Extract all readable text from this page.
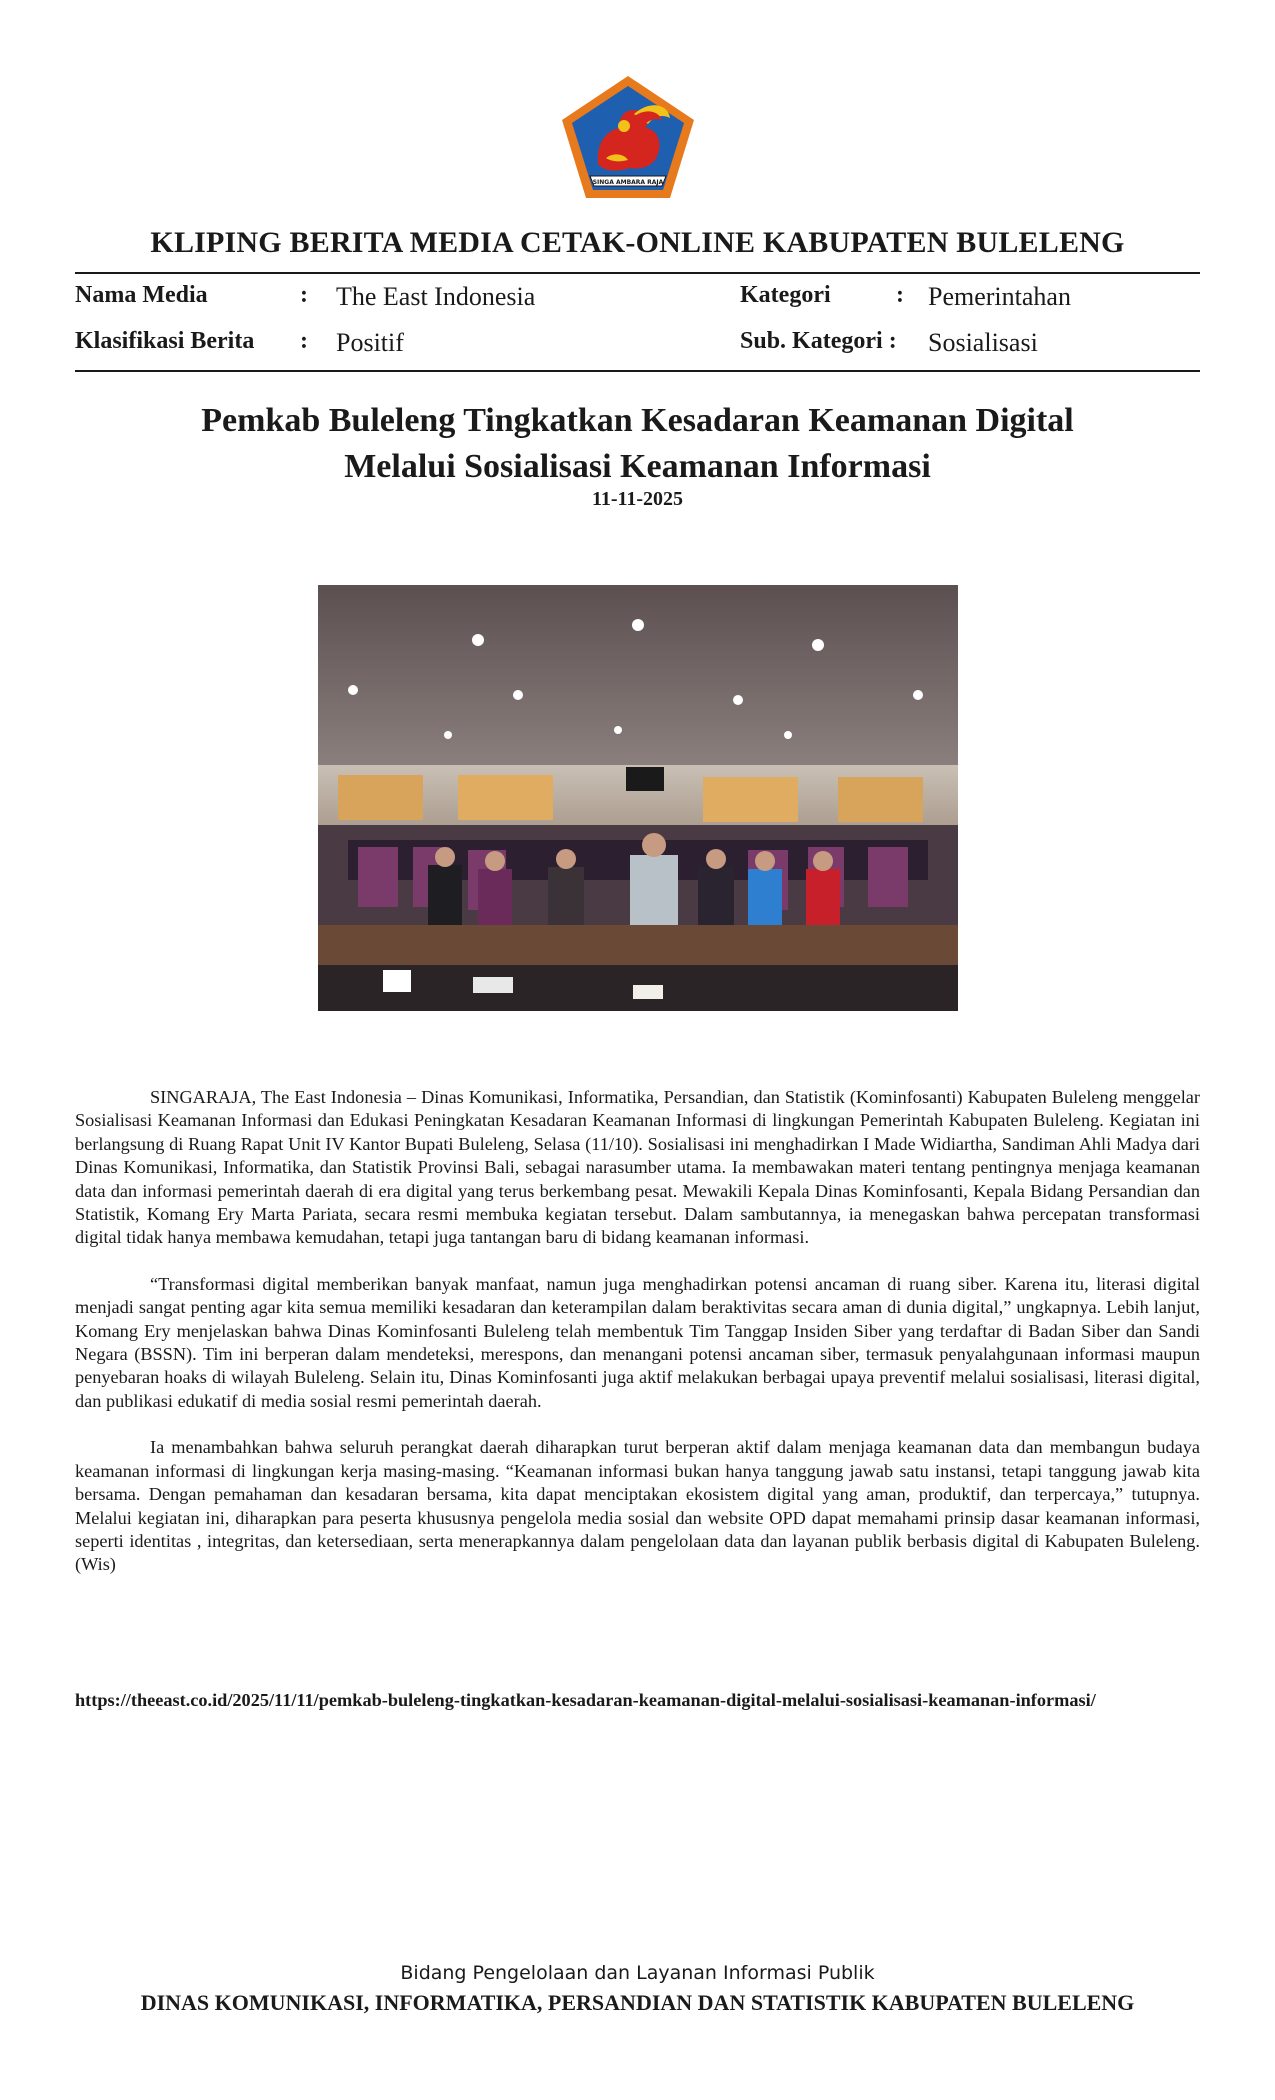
SINGA AMBARA RAJA
KLIPING BERITA MEDIA CETAK-ONLINE KABUPATEN BULELENG
Nama Media	: The East Indonesia	Kategori	: Pemerintahan
Klasifikasi Berita : Positif	Sub. Kategori : Sosialisasi
Pemkab Buleleng Tingkatkan Kesadaran Keamanan Digital
Melalui Sosialisasi Keamanan Informasi
11-11-2025

SINGARAJA, The East Indonesia – Dinas Komunikasi, Informatika, Persandian, dan Statistik (Kominfosanti) Kabupaten Buleleng menggelar Sosialisasi Keamanan Informasi dan Edukasi Peningkatan Kesadaran Keamanan Informasi di lingkungan Pemerintah Kabupaten Buleleng. Kegiatan ini berlangsung di Ruang Rapat Unit IV Kantor Bupati Buleleng, Selasa (11/10). Sosialisasi ini menghadirkan I Made Widiartha, Sandiman Ahli Madya dari Dinas Komunikasi, Informatika, dan Statistik Provinsi Bali, sebagai narasumber utama. Ia membawakan materi tentang pentingnya menjaga keamanan data dan informasi pemerintah daerah di era digital yang terus berkembang pesat. Mewakili Kepala Dinas Kominfosanti, Kepala Bidang Persandian dan Statistik, Komang Ery Marta Pariata, secara resmi membuka kegiatan tersebut. Dalam sambutannya, ia menegaskan bahwa percepatan transformasi digital tidak hanya membawa kemudahan, tetapi juga tantangan baru di bidang keamanan informasi.

“Transformasi digital memberikan banyak manfaat, namun juga menghadirkan potensi ancaman di ruang siber. Karena itu, literasi digital menjadi sangat penting agar kita semua memiliki kesadaran dan keterampilan dalam beraktivitas secara aman di dunia digital,” ungkapnya. Lebih lanjut, Komang Ery menjelaskan bahwa Dinas Kominfosanti Buleleng telah membentuk Tim Tanggap Insiden Siber yang terdaftar di Badan Siber dan Sandi Negara (BSSN). Tim ini berperan dalam mendeteksi, merespons, dan menangani potensi ancaman siber, termasuk penyalahgunaan informasi maupun penyebaran hoaks di wilayah Buleleng. Selain itu, Dinas Kominfosanti juga aktif melakukan berbagai upaya preventif melalui sosialisasi, literasi digital, dan publikasi edukatif di media sosial resmi pemerintah daerah.

Ia menambahkan bahwa seluruh perangkat daerah diharapkan turut berperan aktif dalam menjaga keamanan data dan membangun budaya keamanan informasi di lingkungan kerja masing-masing. “Keamanan informasi bukan hanya tanggung jawab satu instansi, tetapi tanggung jawab kita bersama. Dengan pemahaman dan kesadaran bersama, kita dapat menciptakan ekosistem digital yang aman, produktif, dan terpercaya,” tutupnya. Melalui kegiatan ini, diharapkan para peserta khususnya pengelola media sosial dan website OPD dapat memahami prinsip dasar keamanan informasi, seperti identitas , integritas, dan ketersediaan, serta menerapkannya dalam pengelolaan data dan layanan publik berbasis digital di Kabupaten Buleleng.(Wis)

https://theeast.co.id/2025/11/11/pemkab-buleleng-tingkatkan-kesadaran-keamanan-digital-melalui-sosialisasi-keamanan-informasi/
Bidang Pengelolaan dan Layanan Informasi Publik
DINAS KOMUNIKASI, INFORMATIKA, PERSANDIAN DAN STATISTIK KABUPATEN BULELENG
